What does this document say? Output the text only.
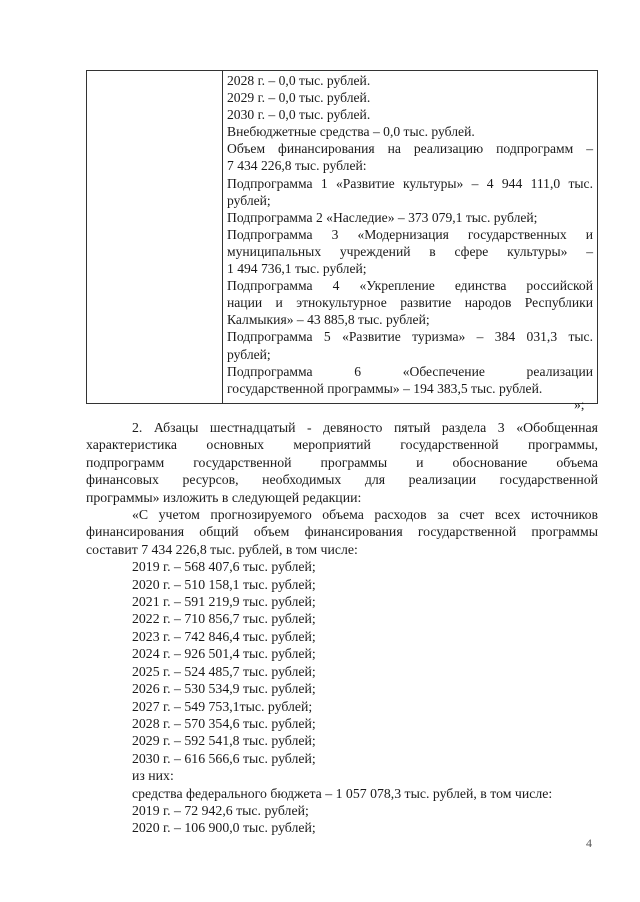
2028 г. – 0,0 тыс. рублей.
2029 г. – 0,0 тыс. рублей.
2030 г. – 0,0 тыс. рублей.
Внебюджетные средства – 0,0 тыс. рублей.
Объем финансирования на реализацию подпрограмм –
7 434 226,8 тыс. рублей:
Подпрограмма 1 «Развитие культуры» – 4 944 111,0 тыс.
рублей;
Подпрограмма 2 «Наследие» – 373 079,1 тыс. рублей;
Подпрограмма 3 «Модернизация государственных и
муниципальных учреждений в сфере культуры» –
1 494 736,1 тыс. рублей;
Подпрограмма 4 «Укрепление единства российской
нации и этнокультурное развитие народов Республики
Калмыкия» – 43 885,8 тыс. рублей;
Подпрограмма 5 «Развитие туризма» – 384 031,3 тыс.
рублей;
Подпрограмма 6 «Обеспечение реализации
государственной программы» – 194 383,5 тыс. рублей.
»;
2. Абзацы шестнадцатый - девяносто пятый раздела 3 «Обобщенная
характеристика основных мероприятий государственной программы,
подпрограмм государственной программы и обоснование объема
финансовых ресурсов, необходимых для реализации государственной
программы» изложить в следующей редакции:
«С учетом прогнозируемого объема расходов за счет всех источников
финансирования общий объем финансирования государственной программы
составит 7 434 226,8 тыс. рублей, в том числе:
2019 г. – 568 407,6 тыс. рублей;
2020 г. – 510 158,1 тыс. рублей;
2021 г. – 591 219,9 тыс. рублей;
2022 г. – 710 856,7 тыс. рублей;
2023 г. – 742 846,4 тыс. рублей;
2024 г. – 926 501,4 тыс. рублей;
2025 г. – 524 485,7 тыс. рублей;
2026 г. – 530 534,9 тыс. рублей;
2027 г. – 549 753,1тыс. рублей;
2028 г. – 570 354,6 тыс. рублей;
2029 г. – 592 541,8 тыс. рублей;
2030 г. – 616 566,6 тыс. рублей;
из них:
средства федерального бюджета – 1 057 078,3 тыс. рублей, в том числе:
2019 г. – 72 942,6 тыс. рублей;
2020 г. – 106 900,0 тыс. рублей;
4
